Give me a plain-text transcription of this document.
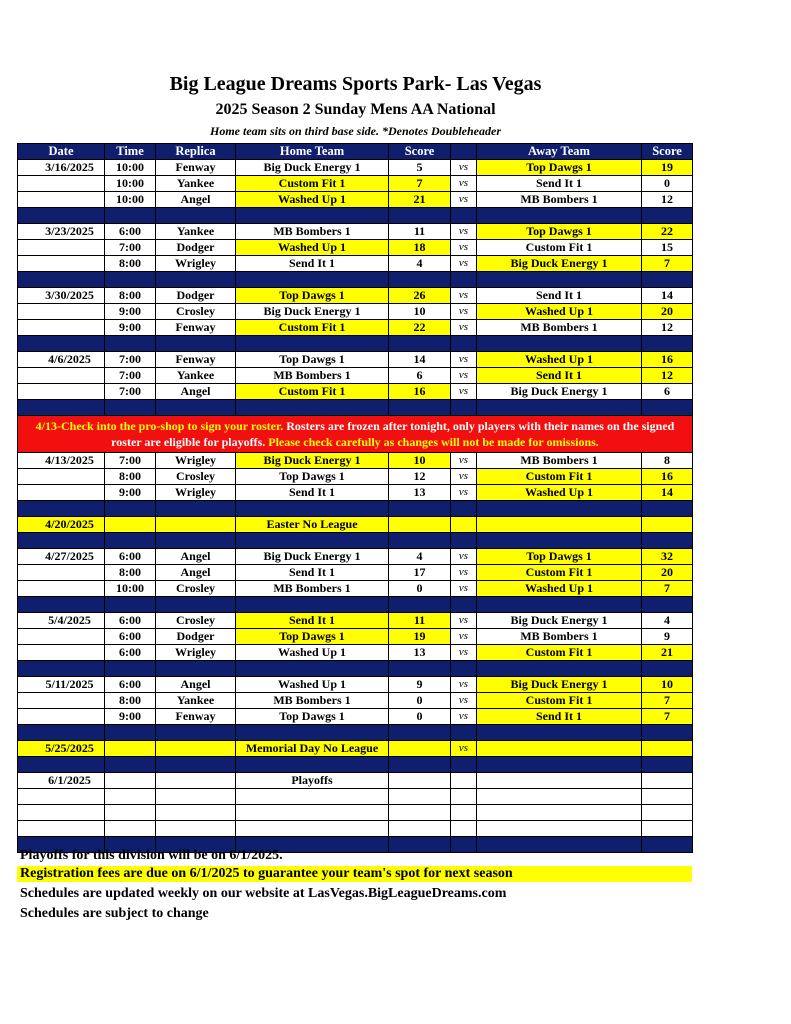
Big League Dreams Sports Park- Las Vegas
2025 Season 2 Sunday Mens AA National
Home team sits on third base side. *Denotes Doubleheader
Date	Time	Replica	Home Team	Score		Away Team	Score
3/16/2025	10:00	Fenway	Big Duck Energy 1	5	vs	Top Dawgs 1	19
	10:00	Yankee	Custom Fit 1	7	vs	Send It 1	0
	10:00	Angel	Washed Up 1	21	vs	MB Bombers 1	12

3/23/2025	6:00	Yankee	MB Bombers 1	11	vs	Top Dawgs 1	22
	7:00	Dodger	Washed Up 1	18	vs	Custom Fit 1	15
	8:00	Wrigley	Send It 1	4	vs	Big Duck Energy 1	7

3/30/2025	8:00	Dodger	Top Dawgs 1	26	vs	Send It 1	14
	9:00	Crosley	Big Duck Energy 1	10	vs	Washed Up 1	20
	9:00	Fenway	Custom Fit 1	22	vs	MB Bombers 1	12

4/6/2025	7:00	Fenway	Top Dawgs 1	14	vs	Washed Up 1	16
	7:00	Yankee	MB Bombers 1	6	vs	Send It 1	12
	7:00	Angel	Custom Fit 1	16	vs	Big Duck Energy 1	6

4/13-Check into the pro-shop to sign your roster. Rosters are frozen after tonight, only players with their names on the signed roster are eligible for playoffs. Please check carefully as changes will not be made for omissions.							
4/13/2025	7:00	Wrigley	Big Duck Energy 1	10	vs	MB Bombers 1	8
	8:00	Crosley	Top Dawgs 1	12	vs	Custom Fit 1	16
	9:00	Wrigley	Send It 1	13	vs	Washed Up 1	14

4/20/2025			Easter No League				

4/27/2025	6:00	Angel	Big Duck Energy 1	4	vs	Top Dawgs 1	32
	8:00	Angel	Send It 1	17	vs	Custom Fit 1	20
	10:00	Crosley	MB Bombers 1	0	vs	Washed Up 1	7

5/4/2025	6:00	Crosley	Send It 1	11	vs	Big Duck Energy 1	4
	6:00	Dodger	Top Dawgs 1	19	vs	MB Bombers 1	9
	6:00	Wrigley	Washed Up 1	13	vs	Custom Fit 1	21

5/11/2025	6:00	Angel	Washed Up 1	9	vs	Big Duck Energy 1	10
	8:00	Yankee	MB Bombers 1	0	vs	Custom Fit 1	7
	9:00	Fenway	Top Dawgs 1	0	vs	Send It 1	7

5/25/2025			Memorial Day No League		vs		

6/1/2025			Playoffs				

Playoffs for this division will be on 6/1/2025.
Registration fees are due on 6/1/2025 to guarantee your team's spot for next season
Schedules are updated weekly on our website at LasVegas.BigLeagueDreams.com
Schedules are subject to change
